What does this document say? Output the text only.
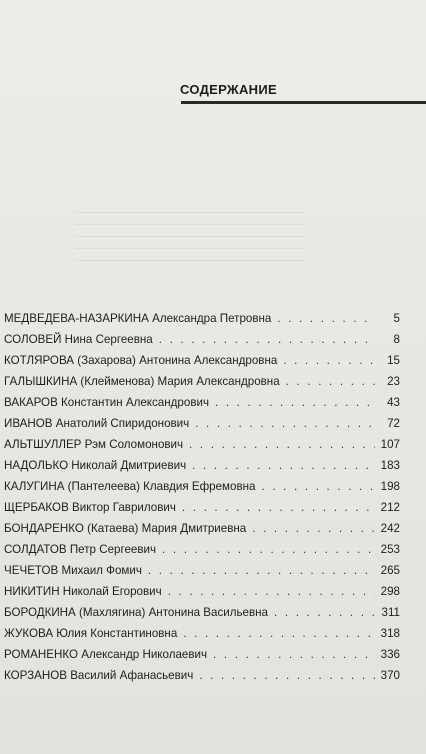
СОДЕРЖАНИЕ
МЕДВЕДЕВА-НАЗАРКИНА Александра Петровна . . .	5
СОЛОВЕЙ Нина Сергеевна . . .	8
КОТЛЯРОВА (Захарова) Антонина Александровна . . .	15
ГАЛЫШКИНА (Клейменова) Мария Александровна . . .	23
ВАКАРОВ Константин Александрович . . .	43
ИВАНОВ Анатолий Спиридонович . . .	72
АЛЬТШУЛЛЕР Рэм Соломонович . . .	107
НАДОЛЬКО Николай Дмитриевич . . .	183
КАЛУГИНА (Пантелеева) Клавдия Ефремовна . . .	198
ЩЕРБАКОВ Виктор Гаврилович . . .	212
БОНДАРЕНКО (Катаева) Мария Дмитриевна . . .	242
СОЛДАТОВ Петр Сергеевич . . .	253
ЧЕЧЕТОВ Михаил Фомич . . .	265
НИКИТИН Николай Егорович . . .	298
БОРОДКИНА (Махлягина) Антонина Васильевна . . .	311
ЖУКОВА Юлия Константиновна . . .	318
РОМАНЕНКО Александр Николаевич . . .	336
КОРЗАНОВ Василий Афанасьевич . . .	370
